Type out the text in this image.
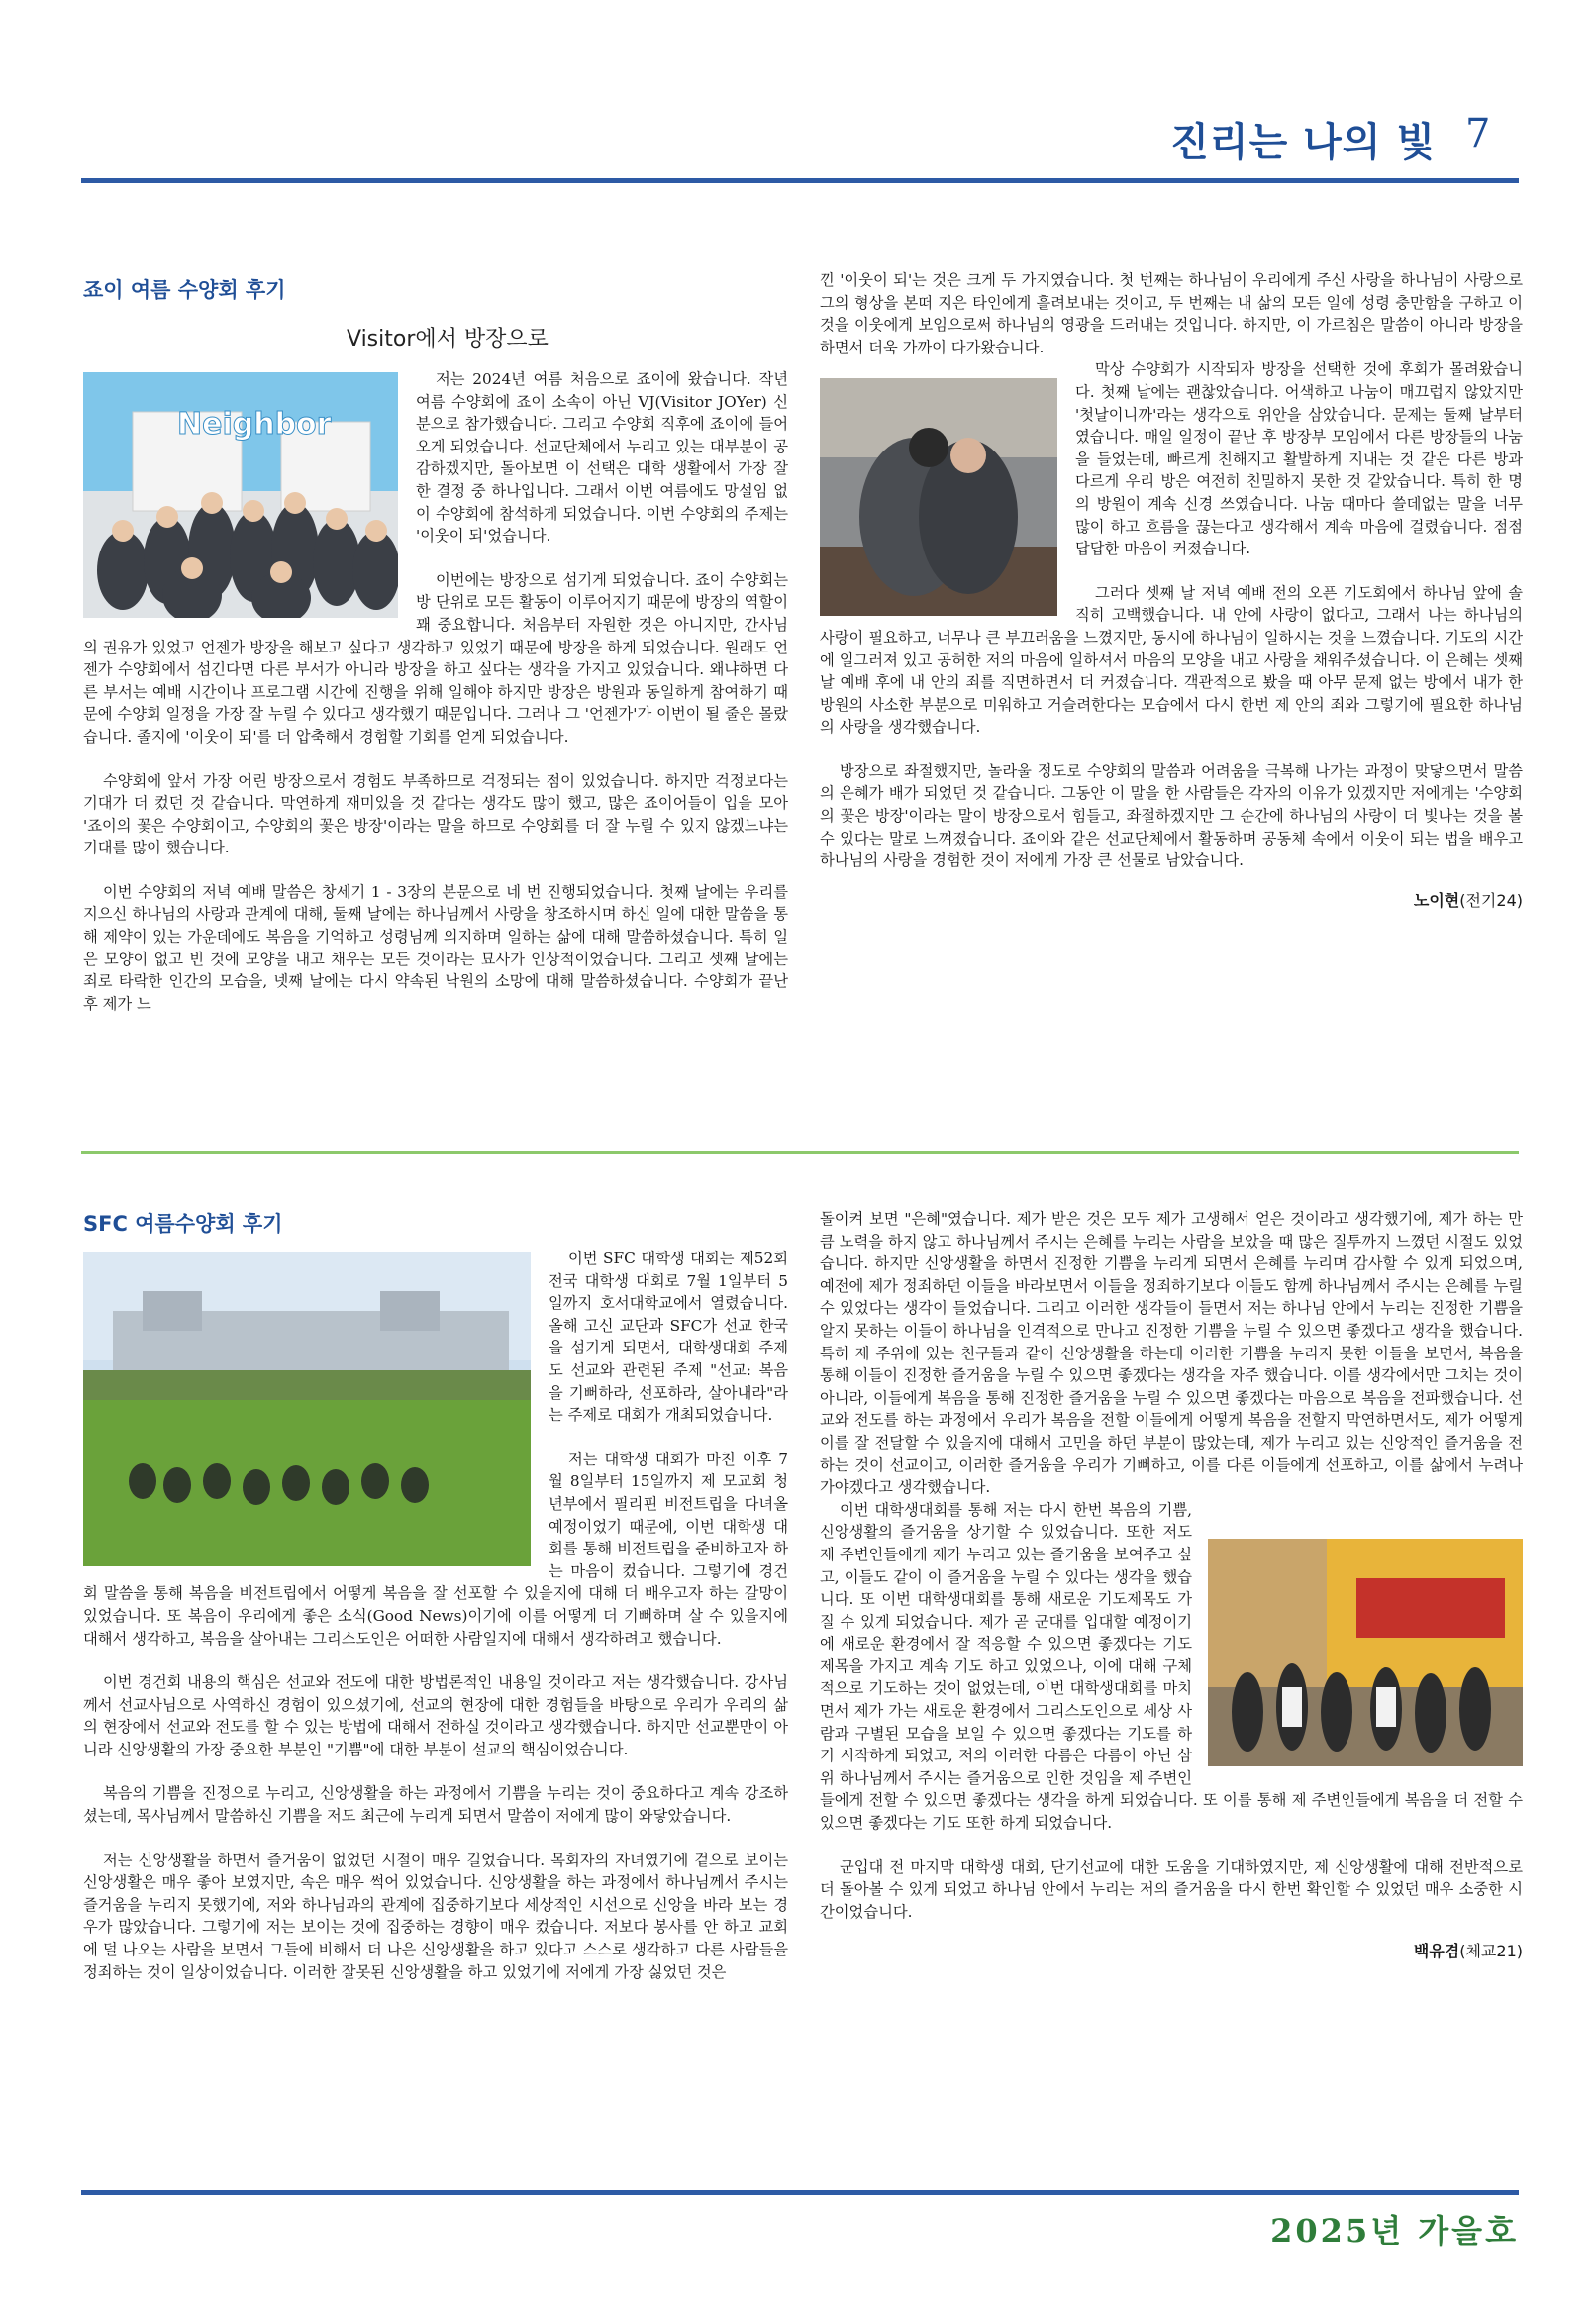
진리는 나의 빛 7
죠이 여름 수양회 후기
Visitor에서 방장으로
Neighbor

저는 2024년 여름 처음으로 죠이에 왔습니다. 작년 여름 수양회에 죠이 소속이 아닌 VJ(Visitor JOYer) 신분으로 참가했습니다. 그리고 수양회 직후에 죠이에 들어오게 되었습니다. 선교단체에서 누리고 있는 대부분이 공감하겠지만, 돌아보면 이 선택은 대학 생활에서 가장 잘한 결정 중 하나입니다. 그래서 이번 여름에도 망설임 없이 수양회에 참석하게 되었습니다. 이번 수양회의 주제는 '이웃이 되'었습니다.

이번에는 방장으로 섬기게 되었습니다. 죠이 수양회는 방 단위로 모든 활동이 이루어지기 때문에 방장의 역할이 꽤 중요합니다. 처음부터 자원한 것은 아니지만, 간사님의 권유가 있었고 언젠가 방장을 해보고 싶다고 생각하고 있었기 때문에 방장을 하게 되었습니다. 원래도 언젠가 수양회에서 섬긴다면 다른 부서가 아니라 방장을 하고 싶다는 생각을 가지고 있었습니다. 왜냐하면 다른 부서는 예배 시간이나 프로그램 시간에 진행을 위해 일해야 하지만 방장은 방원과 동일하게 참여하기 때문에 수양회 일정을 가장 잘 누릴 수 있다고 생각했기 때문입니다. 그러나 그 '언젠가'가 이번이 될 줄은 몰랐습니다. 졸지에 '이웃이 되'를 더 압축해서 경험할 기회를 얻게 되었습니다.

수양회에 앞서 가장 어린 방장으로서 경험도 부족하므로 걱정되는 점이 있었습니다. 하지만 걱정보다는 기대가 더 컸던 것 같습니다. 막연하게 재미있을 것 같다는 생각도 많이 했고, 많은 죠이어들이 입을 모아 '죠이의 꽃은 수양회이고, 수양회의 꽃은 방장'이라는 말을 하므로 수양회를 더 잘 누릴 수 있지 않겠느냐는 기대를 많이 했습니다.

이번 수양회의 저녁 예배 말씀은 창세기 1 - 3장의 본문으로 네 번 진행되었습니다. 첫째 날에는 우리를 지으신 하나님의 사랑과 관계에 대해, 둘째 날에는 하나님께서 사랑을 창조하시며 하신 일에 대한 말씀을 통해 제약이 있는 가운데에도 복음을 기억하고 성령님께 의지하며 일하는 삶에 대해 말씀하셨습니다. 특히 일은 모양이 없고 빈 것에 모양을 내고 채우는 모든 것이라는 묘사가 인상적이었습니다. 그리고 셋째 날에는 죄로 타락한 인간의 모습을, 넷째 날에는 다시 약속된 낙원의 소망에 대해 말씀하셨습니다. 수양회가 끝난 후 제가 느

낀 '이웃이 되'는 것은 크게 두 가지였습니다. 첫 번째는 하나님이 우리에게 주신 사랑을 하나님이 사랑으로 그의 형상을 본떠 지은 타인에게 흘려보내는 것이고, 두 번째는 내 삶의 모든 일에 성령 충만함을 구하고 이것을 이웃에게 보임으로써 하나님의 영광을 드러내는 것입니다. 하지만, 이 가르침은 말씀이 아니라 방장을 하면서 더욱 가까이 다가왔습니다.

막상 수양회가 시작되자 방장을 선택한 것에 후회가 몰려왔습니다. 첫째 날에는 괜찮았습니다. 어색하고 나눔이 매끄럽지 않았지만 '첫날이니까'라는 생각으로 위안을 삼았습니다. 문제는 둘째 날부터였습니다. 매일 일정이 끝난 후 방장부 모임에서 다른 방장들의 나눔을 들었는데, 빠르게 친해지고 활발하게 지내는 것 같은 다른 방과 다르게 우리 방은 여전히 친밀하지 못한 것 같았습니다. 특히 한 명의 방원이 계속 신경 쓰였습니다. 나눔 때마다 쓸데없는 말을 너무 많이 하고 흐름을 끊는다고 생각해서 계속 마음에 걸렸습니다. 점점 답답한 마음이 커졌습니다.

그러다 셋째 날 저녁 예배 전의 오픈 기도회에서 하나님 앞에 솔직히 고백했습니다. 내 안에 사랑이 없다고, 그래서 나는 하나님의 사랑이 필요하고, 너무나 큰 부끄러움을 느꼈지만, 동시에 하나님이 일하시는 것을 느꼈습니다. 기도의 시간에 일그러져 있고 공허한 저의 마음에 일하셔서 마음의 모양을 내고 사랑을 채워주셨습니다. 이 은혜는 셋째 날 예배 후에 내 안의 죄를 직면하면서 더 커졌습니다. 객관적으로 봤을 때 아무 문제 없는 방에서 내가 한 방원의 사소한 부분으로 미워하고 거슬려한다는 모습에서 다시 한번 제 안의 죄와 그렇기에 필요한 하나님의 사랑을 생각했습니다.

방장으로 좌절했지만, 놀라울 정도로 수양회의 말씀과 어려움을 극복해 나가는 과정이 맞닿으면서 말씀의 은혜가 배가 되었던 것 같습니다. 그동안 이 말을 한 사람들은 각자의 이유가 있겠지만 저에게는 '수양회의 꽃은 방장'이라는 말이 방장으로서 힘들고, 좌절하겠지만 그 순간에 하나님의 사랑이 더 빛나는 것을 볼 수 있다는 말로 느껴졌습니다. 죠이와 같은 선교단체에서 활동하며 공동체 속에서 이웃이 되는 법을 배우고 하나님의 사랑을 경험한 것이 저에게 가장 큰 선물로 남았습니다.

노이현(전기24)
SFC 여름수양회 후기

이번 SFC 대학생 대회는 제52회 전국 대학생 대회로 7월 1일부터 5일까지 호서대학교에서 열렸습니다. 올해 고신 교단과 SFC가 선교 한국을 섬기게 되면서, 대학생대회 주제도 선교와 관련된 주제 "선교: 복음을 기뻐하라, 선포하라, 살아내라"라는 주제로 대회가 개최되었습니다.

저는 대학생 대회가 마친 이후 7월 8일부터 15일까지 제 모교회 청년부에서 필리핀 비전트립을 다녀올 예정이었기 때문에, 이번 대학생 대회를 통해 비전트립을 준비하고자 하는 마음이 컸습니다. 그렇기에 경건회 말씀을 통해 복음을 비전트립에서 어떻게 복음을 잘 선포할 수 있을지에 대해 더 배우고자 하는 갈망이 있었습니다. 또 복음이 우리에게 좋은 소식(Good News)이기에 이를 어떻게 더 기뻐하며 살 수 있을지에 대해서 생각하고, 복음을 살아내는 그리스도인은 어떠한 사람일지에 대해서 생각하려고 했습니다.

이번 경건회 내용의 핵심은 선교와 전도에 대한 방법론적인 내용일 것이라고 저는 생각했습니다. 강사님께서 선교사님으로 사역하신 경험이 있으셨기에, 선교의 현장에 대한 경험들을 바탕으로 우리가 우리의 삶의 현장에서 선교와 전도를 할 수 있는 방법에 대해서 전하실 것이라고 생각했습니다. 하지만 선교뿐만이 아니라 신앙생활의 가장 중요한 부분인 "기쁨"에 대한 부분이 설교의 핵심이었습니다.

복음의 기쁨을 진정으로 누리고, 신앙생활을 하는 과정에서 기쁨을 누리는 것이 중요하다고 계속 강조하셨는데, 목사님께서 말씀하신 기쁨을 저도 최근에 누리게 되면서 말씀이 저에게 많이 와닿았습니다.

저는 신앙생활을 하면서 즐거움이 없었던 시절이 매우 길었습니다. 목회자의 자녀였기에 겉으로 보이는 신앙생활은 매우 좋아 보였지만, 속은 매우 썩어 있었습니다. 신앙생활을 하는 과정에서 하나님께서 주시는 즐거움을 누리지 못했기에, 저와 하나님과의 관계에 집중하기보다 세상적인 시선으로 신앙을 바라 보는 경우가 많았습니다. 그렇기에 저는 보이는 것에 집중하는 경향이 매우 컸습니다. 저보다 봉사를 안 하고 교회에 덜 나오는 사람을 보면서 그들에 비해서 더 나은 신앙생활을 하고 있다고 스스로 생각하고 다른 사람들을 정죄하는 것이 일상이었습니다. 이러한 잘못된 신앙생활을 하고 있었기에 저에게 가장 싫었던 것은

돌이켜 보면 "은혜"였습니다. 제가 받은 것은 모두 제가 고생해서 얻은 것이라고 생각했기에, 제가 하는 만큼 노력을 하지 않고 하나님께서 주시는 은혜를 누리는 사람을 보았을 때 많은 질투까지 느꼈던 시절도 있었습니다. 하지만 신앙생활을 하면서 진정한 기쁨을 누리게 되면서 은혜를 누리며 감사할 수 있게 되었으며, 예전에 제가 정죄하던 이들을 바라보면서 이들을 정죄하기보다 이들도 함께 하나님께서 주시는 은혜를 누릴 수 있었다는 생각이 들었습니다. 그리고 이러한 생각들이 들면서 저는 하나님 안에서 누리는 진정한 기쁨을 알지 못하는 이들이 하나님을 인격적으로 만나고 진정한 기쁨을 누릴 수 있으면 좋겠다고 생각을 했습니다. 특히 제 주위에 있는 친구들과 같이 신앙생활을 하는데 이러한 기쁨을 누리지 못한 이들을 보면서, 복음을 통해 이들이 진정한 즐거움을 누릴 수 있으면 좋겠다는 생각을 자주 했습니다. 이를 생각에서만 그치는 것이 아니라, 이들에게 복음을 통해 진정한 즐거움을 누릴 수 있으면 좋겠다는 마음으로 복음을 전파했습니다. 선교와 전도를 하는 과정에서 우리가 복음을 전할 이들에게 어떻게 복음을 전할지 막연하면서도, 제가 어떻게 이를 잘 전달할 수 있을지에 대해서 고민을 하던 부분이 많았는데, 제가 누리고 있는 신앙적인 즐거움을 전하는 것이 선교이고, 이러한 즐거움을 우리가 기뻐하고, 이를 다른 이들에게 선포하고, 이를 삶에서 누려나가야겠다고 생각했습니다.

이번 대학생대회를 통해 저는 다시 한번 복음의 기쁨, 신앙생활의 즐거움을 상기할 수 있었습니다. 또한 저도 제 주변인들에게 제가 누리고 있는 즐거움을 보여주고 싶고, 이들도 같이 이 즐거움을 누릴 수 있다는 생각을 했습니다. 또 이번 대학생대회를 통해 새로운 기도제목도 가질 수 있게 되었습니다. 제가 곧 군대를 입대할 예정이기에 새로운 환경에서 잘 적응할 수 있으면 좋겠다는 기도제목을 가지고 계속 기도 하고 있었으나, 이에 대해 구체적으로 기도하는 것이 없었는데, 이번 대학생대회를 마치면서 제가 가는 새로운 환경에서 그리스도인으로 세상 사람과 구별된 모습을 보일 수 있으면 좋겠다는 기도를 하기 시작하게 되었고, 저의 이러한 다름은 다름이 아닌 삼위 하나님께서 주시는 즐거움으로 인한 것임을 제 주변인들에게 전할 수 있으면 좋겠다는 생각을 하게 되었습니다. 또 이를 통해 제 주변인들에게 복음을 더 전할 수 있으면 좋겠다는 기도 또한 하게 되었습니다.

군입대 전 마지막 대학생 대회, 단기선교에 대한 도움을 기대하였지만, 제 신앙생활에 대해 전반적으로 더 돌아볼 수 있게 되었고 하나님 안에서 누리는 저의 즐거움을 다시 한번 확인할 수 있었던 매우 소중한 시간이었습니다.

백유겸(체교21)
2025년 가을호
